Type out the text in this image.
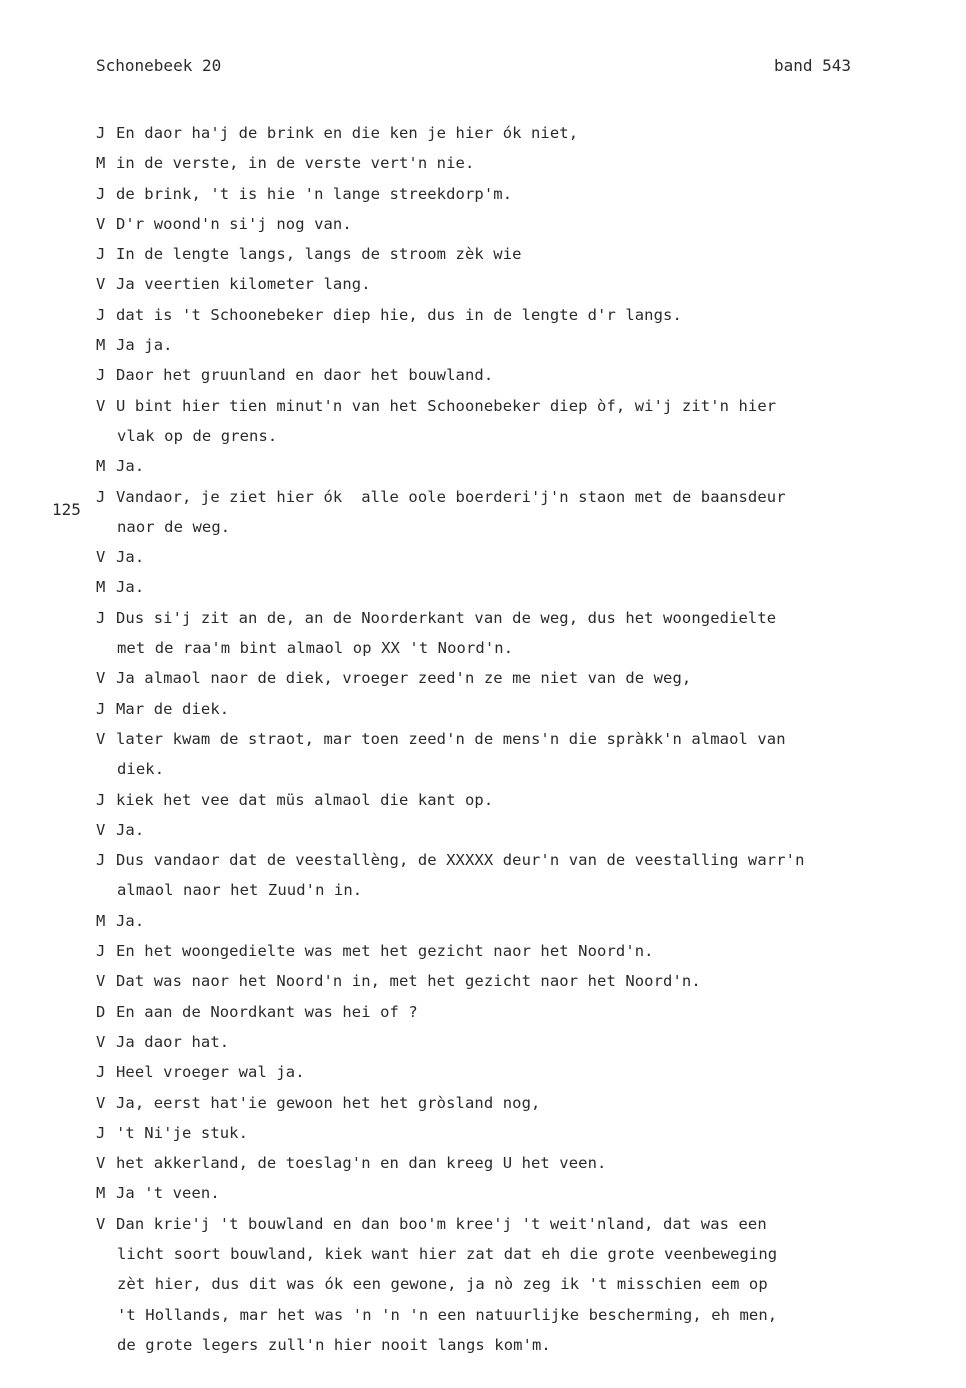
Schonebeek 20	band 543
125
J En daor ha'j de brink en die ken je hier ók niet,
M in de verste, in de verste vert'n nie.
J de brink, 't is hie 'n lange streekdorp'm.
V D'r woond'n si'j nog van.
J In de lengte langs, langs de stroom zèk wie
V Ja veertien kilometer lang.
J dat is 't Schoonebeker diep hie, dus in de lengte d'r langs.
M Ja ja.
J Daor het gruunland en daor het bouwland.
V U bint hier tien minut'n van het Schoonebeker diep òf, wi'j zit'n hier
vlak op de grens.
M Ja.
J Vandaor, je ziet hier ók  alle oole boerderi'j'n staon met de baansdeur
naor de weg.
V Ja.
M Ja.
J Dus si'j zit an de, an de Noorderkant van de weg, dus het woongedielte
met de raa'm bint almaol op XX 't Noord'n.
V Ja almaol naor de diek, vroeger zeed'n ze me niet van de weg,
J Mar de diek.
V later kwam de straot, mar toen zeed'n de mens'n die spràkk'n almaol van
diek.
J kiek het vee dat müs almaol die kant op.
V Ja.
J Dus vandaor dat de veestallèng, de XXXXX deur'n van de veestalling warr'n
almaol naor het Zuud'n in.
M Ja.
J En het woongedielte was met het gezicht naor het Noord'n.
V Dat was naor het Noord'n in, met het gezicht naor het Noord'n.
D En aan de Noordkant was hei of ?
V Ja daor hat.
J Heel vroeger wal ja.
V Ja, eerst hat'ie gewoon het het gròsland nog,
J 't Ni'je stuk.
V het akkerland, de toeslag'n en dan kreeg U het veen.
M Ja 't veen.
V Dan krie'j 't bouwland en dan boo'm kree'j 't weit'nland, dat was een
licht soort bouwland, kiek want hier zat dat eh die grote veenbeweging
zèt hier, dus dit was ók een gewone, ja nò zeg ik 't misschien eem op
't Hollands, mar het was 'n 'n 'n een natuurlijke bescherming, eh men,
de grote legers zull'n hier nooit langs kom'm.
